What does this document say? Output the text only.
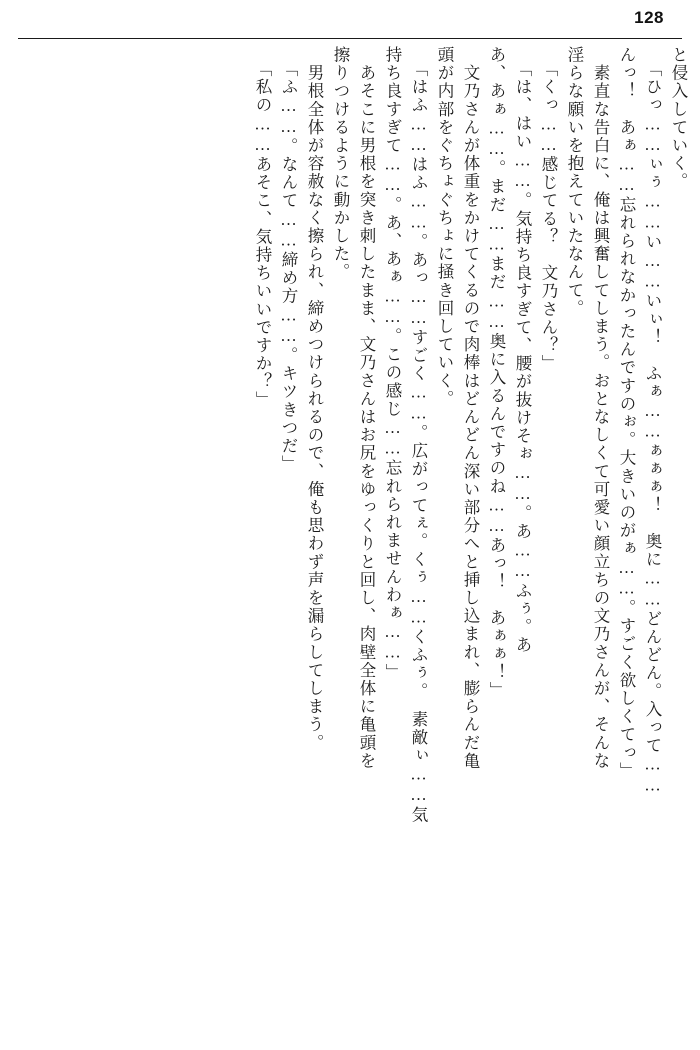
128
と侵入していく。
「ひっ……ぃぅ……い……いぃ！　ふぁ……ぁぁぁ！　奥に……どんどん。入って……
んっ！　あぁ……忘れられなかったんですのぉ。大きいのがぁ……。すごく欲しくてっ」
　素直な告白に、俺は興奮してしまう。おとなしくて可愛い顔立ちの文乃さんが、そんな
淫らな願いを抱えていたなんて。
「くっ……感じてる？　文乃さん？」
「は、はい……。気持ち良すぎて、腰が抜けそぉ……。あ……ふぅ。あ
あ、あぁ……。まだ……まだ……奥に入るんですのね……あっ！　あぁぁ！」
　文乃さんが体重をかけてくるので肉棒はどんどん深い部分へと挿し込まれ、膨らんだ亀
頭が内部をぐちょぐちょに掻き回していく。
「はふ……はふ……。あっ……すごく……。広がってぇ。くぅ……くふぅ。　素敵ぃ……気
持ち良すぎて……。あ、あぁ……。この感じ……忘れられませんわぁ……」
　あそこに男根を突き刺したまま、文乃さんはお尻をゆっくりと回し、肉壁全体に亀頭を
擦りつけるように動かした。
　男根全体が容赦なく擦られ、締めつけられるので、俺も思わず声を漏らしてしまう。
「ふ……。なんて……締め方……。キツきつだ」
「私の……あそこ、気持ちいいですか？」
